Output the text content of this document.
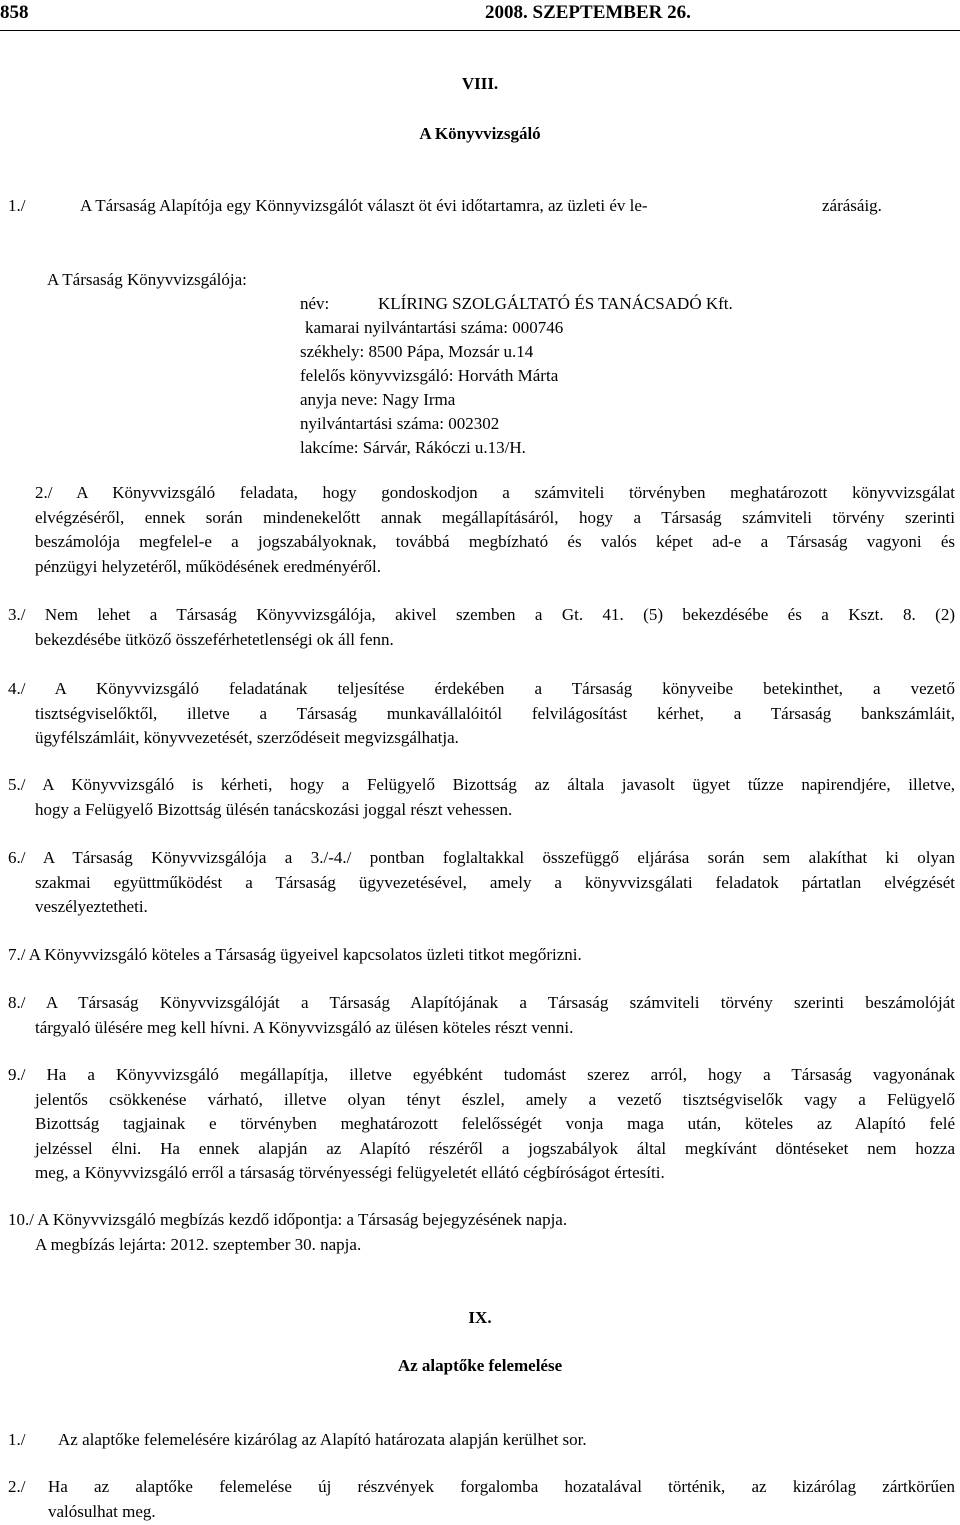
858	2008. SZEPTEMBER 26.
VIII.
A Könyvvizsgáló
1./	A Társaság Alapítója egy Könnyvizsgálót választ öt évi időtartamra, az üzleti év le-	zárásáig.
A Társaság Könyvvizsgálója:
név:	KLÍRING SZOLGÁLTATÓ ÉS TANÁCSADÓ Kft.
kamarai nyilvántartási száma: 000746
székhely: 8500 Pápa, Mozsár u.14
felelős könyvvizsgáló: Horváth Márta
anyja neve: Nagy Irma
nyilvántartási száma: 002302
lakcíme: Sárvár, Rákóczi u.13/H.
2./ A Könyvvizsgáló feladata, hogy gondoskodjon a számviteli törvényben meghatározott könyvvizsgálat
elvégzéséről, ennek során mindenekelőtt annak megállapításáról, hogy a Társaság számviteli törvény szerinti
beszámolója megfelel-e a jogszabályoknak, továbbá megbízható és valós képet ad-e a Társaság vagyoni és
pénzügyi helyzetéről, működésének eredményéről.
3./ Nem lehet a Társaság Könyvvizsgálója, akivel szemben a Gt. 41. (5) bekezdésébe és a Kszt. 8. (2)
bekezdésébe ütköző összeférhetetlenségi ok áll fenn.
4./ A Könyvvizsgáló feladatának teljesítése érdekében a Társaság könyveibe betekinthet, a vezető
tisztségviselőktől, illetve a Társaság munkavállalóitól felvilágosítást kérhet, a Társaság bankszámláit,
ügyfélszámláit, könyvvezetését, szerződéseit megvizsgálhatja.
5./ A Könyvvizsgáló is kérheti, hogy a Felügyelő Bizottság az általa javasolt ügyet tűzze napirendjére, illetve,
hogy a Felügyelő Bizottság ülésén tanácskozási joggal részt vehessen.
6./ A Társaság Könyvvizsgálója a 3./-4./ pontban foglaltakkal összefüggő eljárása során sem alakíthat ki olyan
szakmai együttműködést a Társaság ügyvezetésével, amely a könyvvizsgálati feladatok pártatlan elvégzését
veszélyeztetheti.
7./ A Könyvvizsgáló köteles a Társaság ügyeivel kapcsolatos üzleti titkot megőrizni.
8./ A Társaság Könyvvizsgálóját a Társaság Alapítójának a Társaság számviteli törvény szerinti beszámolóját
tárgyaló ülésére meg kell hívni. A Könyvvizsgáló az ülésen köteles részt venni.
9./ Ha a Könyvvizsgáló megállapítja, illetve egyébként tudomást szerez arról, hogy a Társaság vagyonának
jelentős csökkenése várható, illetve olyan tényt észlel, amely a vezető tisztségviselők vagy a Felügyelő
Bizottság tagjainak e törvényben meghatározott felelősségét vonja maga után, köteles az Alapító felé
jelzéssel élni. Ha ennek alapján az Alapító részéről a jogszabályok által megkívánt döntéseket nem hozza
meg, a Könyvvizsgáló erről a társaság törvényességi felügyeletét ellátó cégbíróságot értesíti.
10./ A Könyvvizsgáló megbízás kezdő időpontja: a Társaság bejegyzésének napja.
A megbízás lejárta: 2012. szeptember 30. napja.
IX.
Az alaptőke felemelése
1./ Az alaptőke felemelésére kizárólag az Alapító határozata alapján kerülhet sor.
2./ Ha az alaptőke felemelése új részvények forgalomba hozatalával történik, az kizárólag zártkörűen
valósulhat meg.
